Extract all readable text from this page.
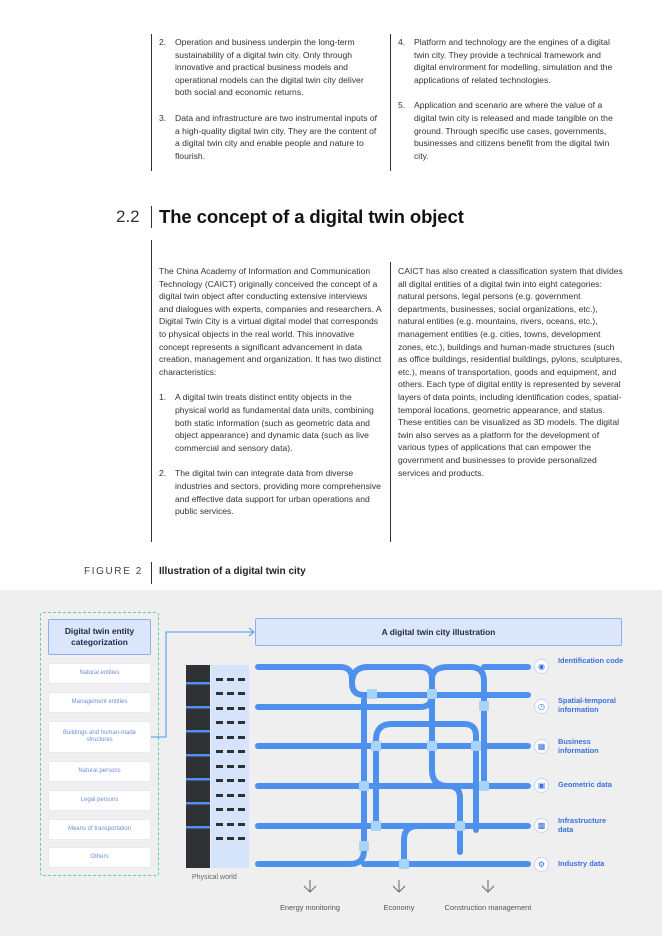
2.	Operation and business underpin the long-term sustainability of a digital twin city. Only through innovative and practical business models and operational models can the digital twin city deliver both social and economic returns.
3.	Data and infrastructure are two instrumental inputs of a high-quality digital twin city. They are the content of a digital twin city and enable people and nature to flourish.
4.	Platform and technology are the engines of a digital twin city. They provide a technical framework and digital environment for modelling, simulation and the applications of related technologies.
5.	Application and scenario are where the value of a digital twin city is released and made tangible on the ground. Through specific use cases, governments, businesses and citizens benefit from the digital twin city.
2.2 The concept of a digital twin object
The China Academy of Information and Communication Technology (CAICT) originally conceived the concept of a digital twin object after conducting extensive interviews and dialogues with experts, companies and researchers. A Digital Twin City is a virtual digital model that corresponds to physical objects in the real world. This innovative concept represents a significant advancement in data creation, management and organization. It has two distinct characteristics:
1.	A digital twin treats distinct entity objects in the physical world as fundamental data units, combining both static information (such as geometric data and object appearance) and dynamic data (such as live commercial and sensory data).
2.	The digital twin can integrate data from diverse industries and sectors, providing more comprehensive and effective data support for urban operations and public services.
CAICT has also created a classification system that divides all digital entities of a digital twin into eight categories: natural persons, legal persons (e.g. government departments, businesses, social organizations, etc.), natural entities (e.g. mountains, rivers, oceans, etc.), management entities (e.g. cities, towns, development zones, etc.), buildings and human-made structures (such as office buildings, residential buildings, pylons, sculptures, etc.), means of transportation, goods and equipment, and others. Each type of digital entity is represented by several layers of data points, including identification codes, spatial-temporal locations, geometric appearance, and status. These entities can be visualized as 3D models. The digital twin also serves as a platform for the development of various types of applications that can empower the government and businesses to provide personalized services and products.
FIGURE 2 Illustration of a digital twin city
Digital twin entity categorization
Natural entities
Management entities
Buildings and human-made structures
Natural persons
Legal persons
Means of transportation
Others
A digital twin city illustration
◉
Identification code
◷
Spatial-temporal information
▦
Business information
▣	Geometric data
▩
Infrastructure data
⚙	Industry data
Physical world
Energy monitoring	Economy	Construction management
